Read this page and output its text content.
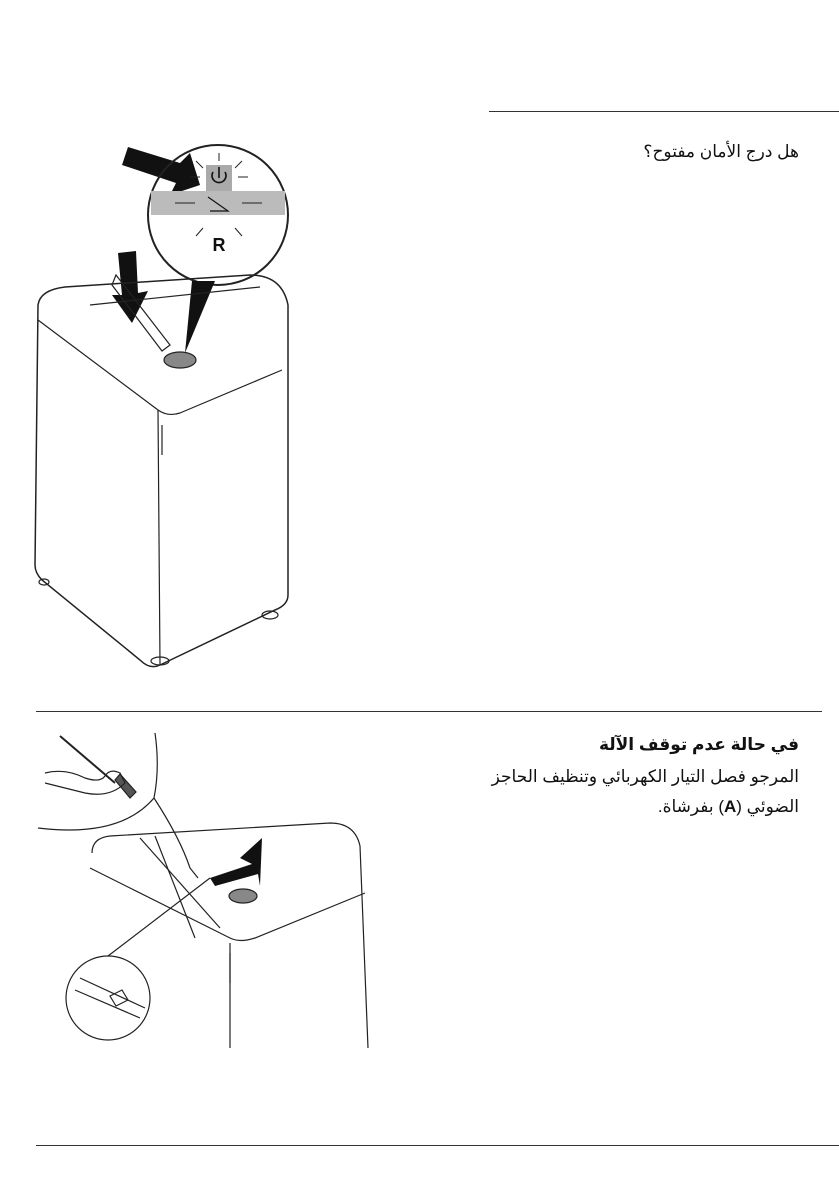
هل درج الأمان مفتوح؟
R
في حالة عدم توقف الآلة
المرجو فصل التيار الكهربائي وتنظيف الحاجز الضوئي (A) بفرشاة.
